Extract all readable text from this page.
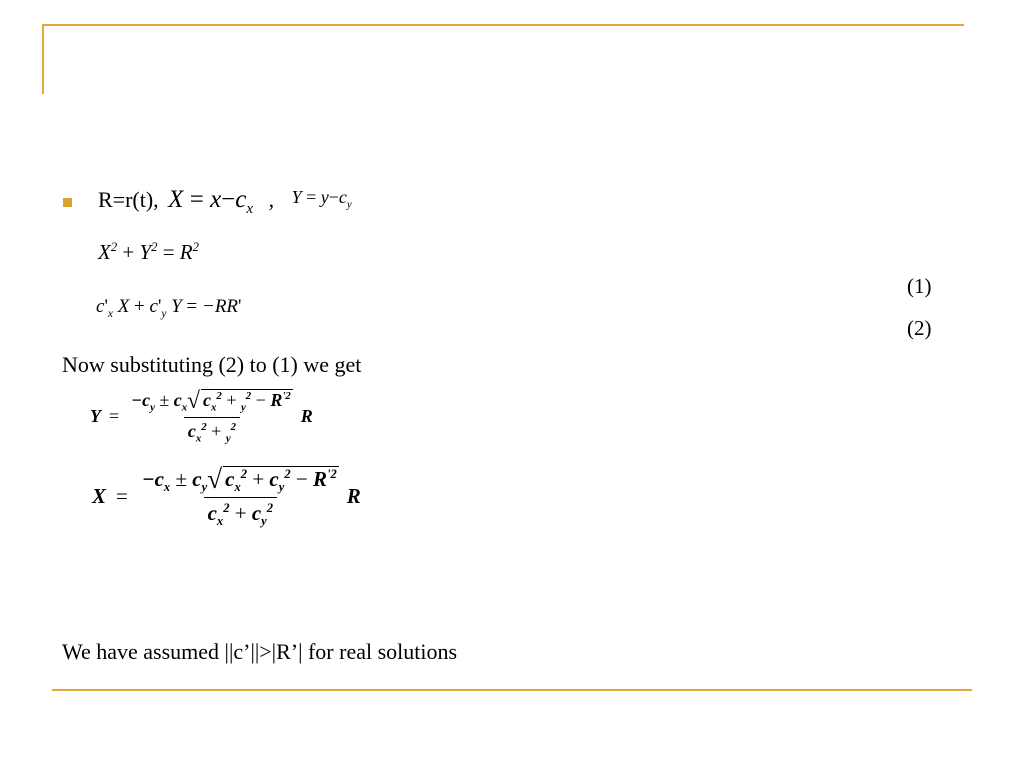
R=r(t), $X = x-c_x$ , $Y = y-c_y$
$X^2 + Y^2 = R^2$
$c'_x$ $X + c'_y$ Y = −RR'
(1)
(2)
Now substituting (2) to (1) we get
$Y = \frac{-c_y \pm c_x√ c_x^2 + _y^2 - R^{'2}}{c_x^2 + _y^2}$ R
$X = \frac{-c_x \pm c_y√ c_x^2 + c_y^2 - R^{'2}}{c_x^2 + c_y^2}$ R
We have assumed ||c’||>|R’| for real solutions
